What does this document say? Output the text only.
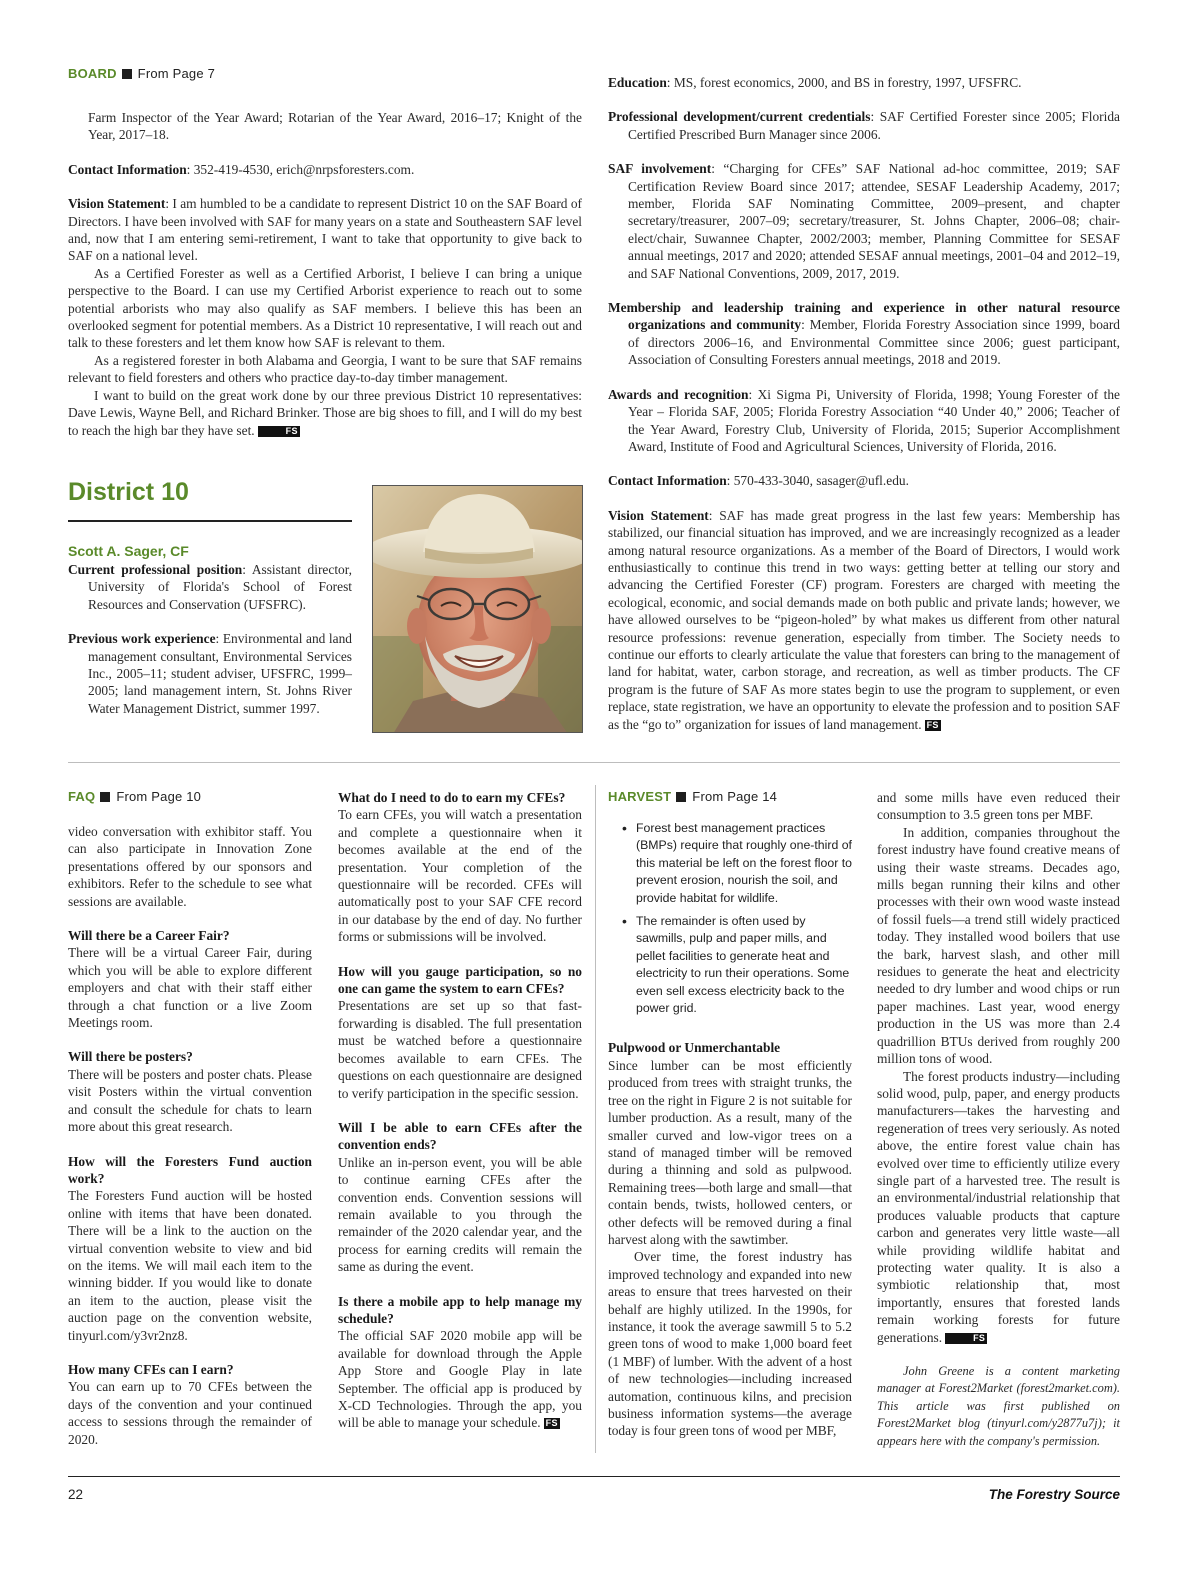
BOARD From Page 7

Farm Inspector of the Year Award; Rotarian of the Year Award, 2016–17; Knight of the Year, 2017–18.

Contact Information: 352-419-4530, erich@nrpsforesters.com.

Vision Statement: I am humbled to be a candidate to represent District 10 on the SAF Board of Directors. I have been involved with SAF for many years on a state and Southeastern SAF level and, now that I am entering semi-retirement, I want to take that opportunity to give back to SAF on a national level.

As a Certified Forester as well as a Certified Arborist, I believe I can bring a unique perspective to the Board. I can use my Certified Arborist experience to reach out to some potential arborists who may also qualify as SAF members. I believe this has been an overlooked segment for potential members. As a District 10 representative, I will reach out and talk to these foresters and let them know how SAF is relevant to them.

As a registered forester in both Alabama and Georgia, I want to be sure that SAF remains relevant to field foresters and others who practice day-to-day timber management.

I want to build on the great work done by our three previous District 10 representatives: Dave Lewis, Wayne Bell, and Richard Brinker. Those are big shoes to fill, and I will do my best to reach the high bar they have set.	FS

District 10
Scott A. Sager, CF

Current professional position: Assistant director, University of Florida's School of Forest Resources and Conservation (UFSFRC).

Previous work experience: Environmental and land management consultant, Environmental Services Inc., 2005–11; student adviser, UFSFRC, 1999–2005; land management intern, St. Johns River Water Management District, summer 1997.

Education: MS, forest economics, 2000, and BS in forestry, 1997, UFSFRC.

Professional development/current credentials: SAF Certified Forester since 2005; Florida Certified Prescribed Burn Manager since 2006.

SAF involvement: “Charging for CFEs” SAF National ad-hoc committee, 2019; SAF Certification Review Board since 2017; attendee, SESAF Leadership Academy, 2017; member, Florida SAF Nominating Committee, 2009–present, and chapter secretary/treasurer, 2007–09; secretary/treasurer, St. Johns Chapter, 2006–08; chair-elect/chair, Suwannee Chapter, 2002/2003; member, Planning Committee for SESAF annual meetings, 2017 and 2020; attended SESAF annual meetings, 2001–04 and 2012–19, and SAF National Conventions, 2009, 2017, 2019.

Membership and leadership training and experience in other natural resource organizations and community: Member, Florida Forestry Association since 1999, board of directors 2006–16, and Environmental Committee since 2006; guest participant, Association of Consulting Foresters annual meetings, 2018 and 2019.

Awards and recognition: Xi Sigma Pi, University of Florida, 1998; Young Forester of the Year – Florida SAF, 2005; Florida Forestry Association “40 Under 40,” 2006; Teacher of the Year Award, Forestry Club, University of Florida, 2015; Superior Accomplishment Award, Institute of Food and Agricultural Sciences, University of Florida, 2016.

Contact Information: 570-433-3040, sasager@ufl.edu.

Vision Statement: SAF has made great progress in the last few years: Membership has stabilized, our financial situation has improved, and we are increasingly recognized as a leader among natural resource organizations. As a member of the Board of Directors, I would work enthusiastically to continue this trend in two ways: getting better at telling our story and advancing the Certified Forester (CF) program. Foresters are charged with meeting the ecological, economic, and social demands made on both public and private lands; however, we have allowed ourselves to be “pigeon-holed” by what makes us different from other natural resource professions: revenue generation, especially from timber. The Society needs to continue our efforts to clearly articulate the value that foresters can bring to the management of land for habitat, water, carbon storage, and recreation, as well as timber products. The CF program is the future of SAF As more states begin to use the program to supplement, or even replace, state registration, we have an opportunity to elevate the profession and to position SAF as the “go to” organization for issues of land management. FS

FAQ From Page 10

video conversation with exhibitor staff. You can also participate in Innovation Zone presentations offered by our sponsors and exhibitors. Refer to the schedule to see what sessions are available.

Will there be a Career Fair?

There will be a virtual Career Fair, during which you will be able to explore different employers and chat with their staff either through a chat function or a live Zoom Meetings room.

Will there be posters?

There will be posters and poster chats. Please visit Posters within the virtual convention and consult the schedule for chats to learn more about this great research.

How will the Foresters Fund auction work?

The Foresters Fund auction will be hosted online with items that have been donated. There will be a link to the auction on the virtual convention website to view and bid on the items. We will mail each item to the winning bidder. If you would like to donate an item to the auction, please visit the auction page on the convention website, tinyurl.com/y3vr2nz8.

How many CFEs can I earn?

You can earn up to 70 CFEs between the days of the convention and your continued access to sessions through the remainder of 2020.

What do I need to do to earn my CFEs?

To earn CFEs, you will watch a presentation and complete a questionnaire when it becomes available at the end of the presentation. Your completion of the questionnaire will be recorded. CFEs will automatically post to your SAF CFE record in our database by the end of day. No further forms or submissions will be involved.

How will you gauge participation, so no one can game the system to earn CFEs?

Presentations are set up so that fast-forwarding is disabled. The full presentation must be watched before a questionnaire becomes available to earn CFEs. The questions on each questionnaire are designed to verify participation in the specific session.

Will I be able to earn CFEs after the convention ends?

Unlike an in-person event, you will be able to continue earning CFEs after the convention ends. Convention sessions will remain available to you through the remainder of the 2020 calendar year, and the process for earning credits will remain the same as during the event.

Is there a mobile app to help manage my schedule?

The official SAF 2020 mobile app will be available for download through the Apple App Store and Google Play in late September. The official app is produced by X-CD Technologies. Through the app, you will be able to manage your schedule. FS

HARVEST From Page 14
• Forest best management practices (BMPs) require that roughly one-third of this material be left on the forest floor to prevent erosion, nourish the soil, and provide habitat for wildlife.
• The remainder is often used by sawmills, pulp and paper mills, and pellet facilities to generate heat and electricity to run their operations. Some even sell excess electricity back to the power grid.

Pulpwood or Unmerchantable

Since lumber can be most efficiently produced from trees with straight trunks, the tree on the right in Figure 2 is not suitable for lumber production. As a result, many of the smaller curved and low-vigor trees on a stand of managed timber will be removed during a thinning and sold as pulpwood. Remaining trees—both large and small—that contain bends, twists, hollowed centers, or other defects will be removed during a final harvest along with the sawtimber.

Over time, the forest industry has improved technology and expanded into new areas to ensure that trees harvested on their behalf are highly utilized. In the 1990s, for instance, it took the average sawmill 5 to 5.2 green tons of wood to make 1,000 board feet (1 MBF) of lumber. With the advent of a host of new technologies—including increased automation, continuous kilns, and precision business information systems—the average today is four green tons of wood per MBF,

and some mills have even reduced their consumption to 3.5 green tons per MBF.

In addition, companies throughout the forest industry have found creative means of using their waste streams. Decades ago, mills began running their kilns and other processes with their own wood waste instead of fossil fuels—a trend still widely practiced today. They installed wood boilers that use the bark, harvest slash, and other mill residues to generate the heat and electricity needed to dry lumber and wood chips or run paper machines. Last year, wood energy production in the US was more than 2.4 quadrillion BTUs derived from roughly 200 million tons of wood.

The forest products industry—including solid wood, pulp, paper, and energy products manufacturers—takes the harvesting and regeneration of trees very seriously. As noted above, the entire forest value chain has evolved over time to efficiently utilize every single part of a harvested tree. The result is an environmental/industrial relationship that produces valuable products that capture carbon and generates very little waste—all while providing wildlife habitat and protecting water quality. It is also a symbiotic relationship that, most importantly, ensures that forested lands remain working forests for future generations.	FS

John Greene is a content marketing manager at Forest2Market (forest2market.com). This article was first published on Forest2Market blog (tinyurl.com/y2877u7j); it appears here with the company's permission.

22	The Forestry Source
